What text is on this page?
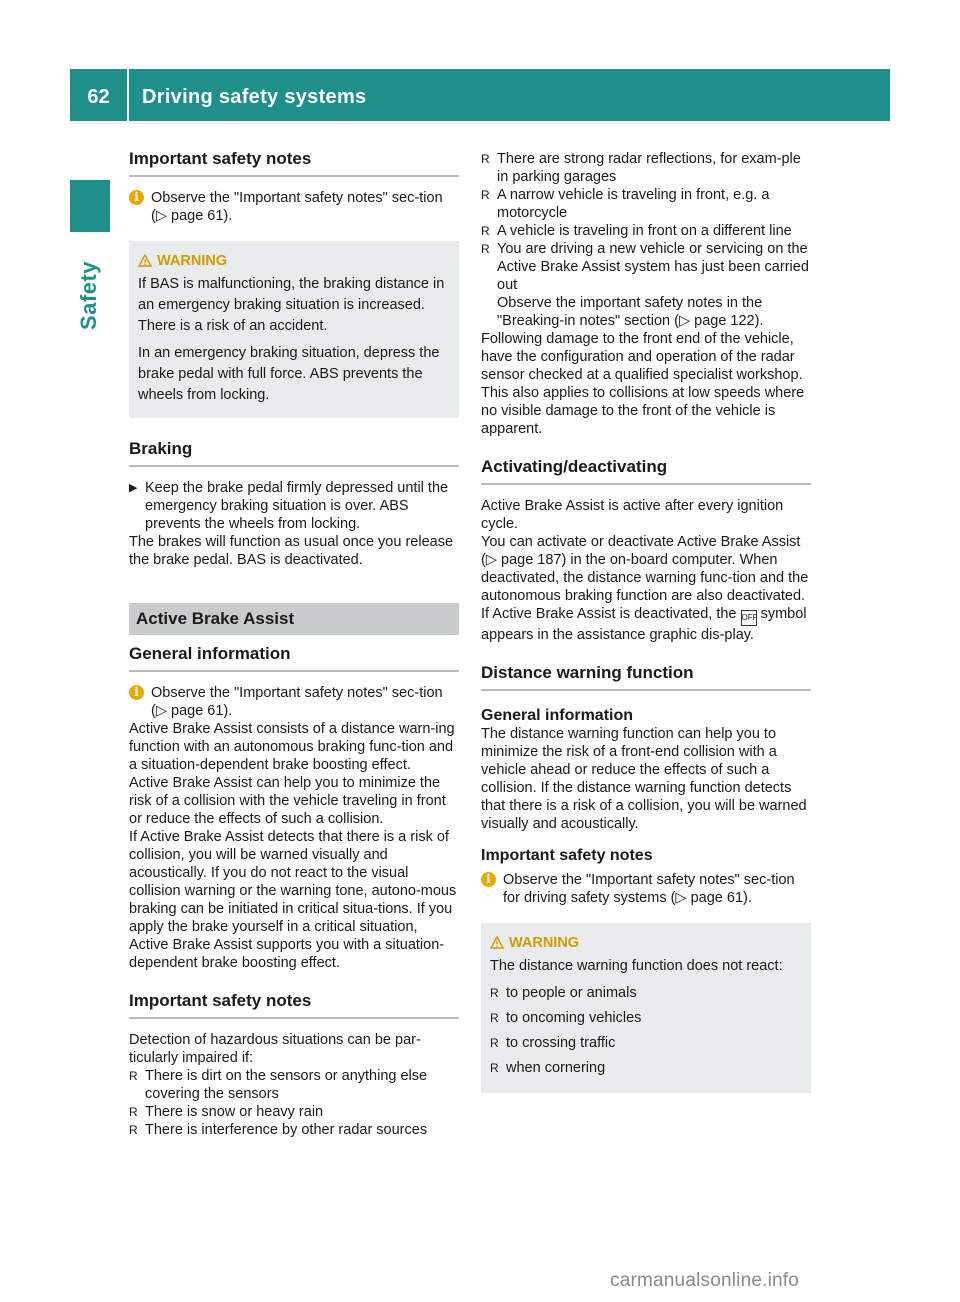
62	Driving safety systems
Safety
Important safety notes
i Observe the "Important safety notes" sec-tion (▷ page 61).
WARNING

If BAS is malfunctioning, the braking distance in an emergency braking situation is increased. There is a risk of an accident.

In an emergency braking situation, depress the brake pedal with full force. ABS prevents the wheels from locking.

Braking
▶ Keep the brake pedal firmly depressed until the emergency braking situation is over. ABS prevents the wheels from locking.

The brakes will function as usual once you release the brake pedal. BAS is deactivated.

Active Brake Assist
General information
i Observe the "Important safety notes" sec-tion (▷ page 61).

Active Brake Assist consists of a distance warn-ing function with an autonomous braking func-tion and a situation-dependent brake boosting effect.

Active Brake Assist can help you to minimize the risk of a collision with the vehicle traveling in front or reduce the effects of such a collision.

If Active Brake Assist detects that there is a risk of collision, you will be warned visually and acoustically. If you do not react to the visual collision warning or the warning tone, autono-mous braking can be initiated in critical situa-tions. If you apply the brake yourself in a critical situation, Active Brake Assist supports you with a situation-dependent brake boosting effect.

Important safety notes

Detection of hazardous situations can be par-ticularly impaired if:

R There is dirt on the sensors or anything else covering the sensors
R There is snow or heavy rain
R There is interference by other radar sources
R There are strong radar reflections, for exam-ple in parking garages
R A narrow vehicle is traveling in front, e.g. a motorcycle
R A vehicle is traveling in front on a different line
R You are driving a new vehicle or servicing on the Active Brake Assist system has just been carried out

Observe the important safety notes in the "Breaking-in notes" section (▷ page 122).

Following damage to the front end of the vehicle, have the configuration and operation of the radar sensor checked at a qualified specialist workshop. This also applies to collisions at low speeds where no visible damage to the front of the vehicle is apparent.

Activating/deactivating

Active Brake Assist is active after every ignition cycle.

You can activate or deactivate Active Brake Assist (▷ page 187) in the on-board computer. When deactivated, the distance warning func-tion and the autonomous braking function are also deactivated.

If Active Brake Assist is deactivated, the OFF symbol appears in the assistance graphic dis-play.

Distance warning function
General information

The distance warning function can help you to minimize the risk of a front-end collision with a vehicle ahead or reduce the effects of such a collision. If the distance warning function detects that there is a risk of a collision, you will be warned visually and acoustically.

Important safety notes
i Observe the "Important safety notes" sec-tion for driving safety systems (▷ page 61).
WARNING

The distance warning function does not react:

R to people or animals
R to oncoming vehicles
R to crossing traffic
R when cornering
carmanualsonline.info
